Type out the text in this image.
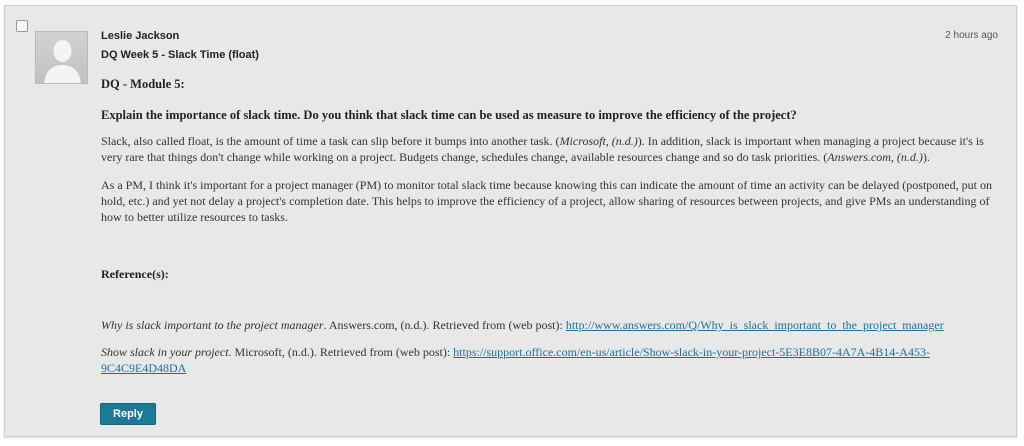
Leslie Jackson
DQ Week 5 - Slack Time (float)
2 hours ago

DQ - Module 5:

Explain the importance of slack time. Do you think that slack time can be used as measure to improve the efficiency of the project?

Slack, also called float, is the amount of time a task can slip before it bumps into another task. (Microsoft, (n.d.)). In addition, slack is important when managing a project because it's is very rare that things don't change while working on a project. Budgets change, schedules change, available resources change and so do task priorities. (Answers.com, (n.d.)).

As a PM, I think it's important for a project manager (PM) to monitor total slack time because knowing this can indicate the amount of time an activity can be delayed (postponed, put on hold, etc.) and yet not delay a project's completion date. This helps to improve the efficiency of a project, allow sharing of resources between projects, and give PMs an understanding of how to better utilize resources to tasks.

Reference(s):

Why is slack important to the project manager. Answers.com, (n.d.). Retrieved from (web post): http://www.answers.com/Q/Why_is_slack_important_to_the_project_manager

Show slack in your project. Microsoft, (n.d.). Retrieved from (web post): https://support.office.com/en-us/article/Show-slack-in-your-project-5E3E8B07-4A7A-4B14-A453-9C4C9E4D48DA

Reply
